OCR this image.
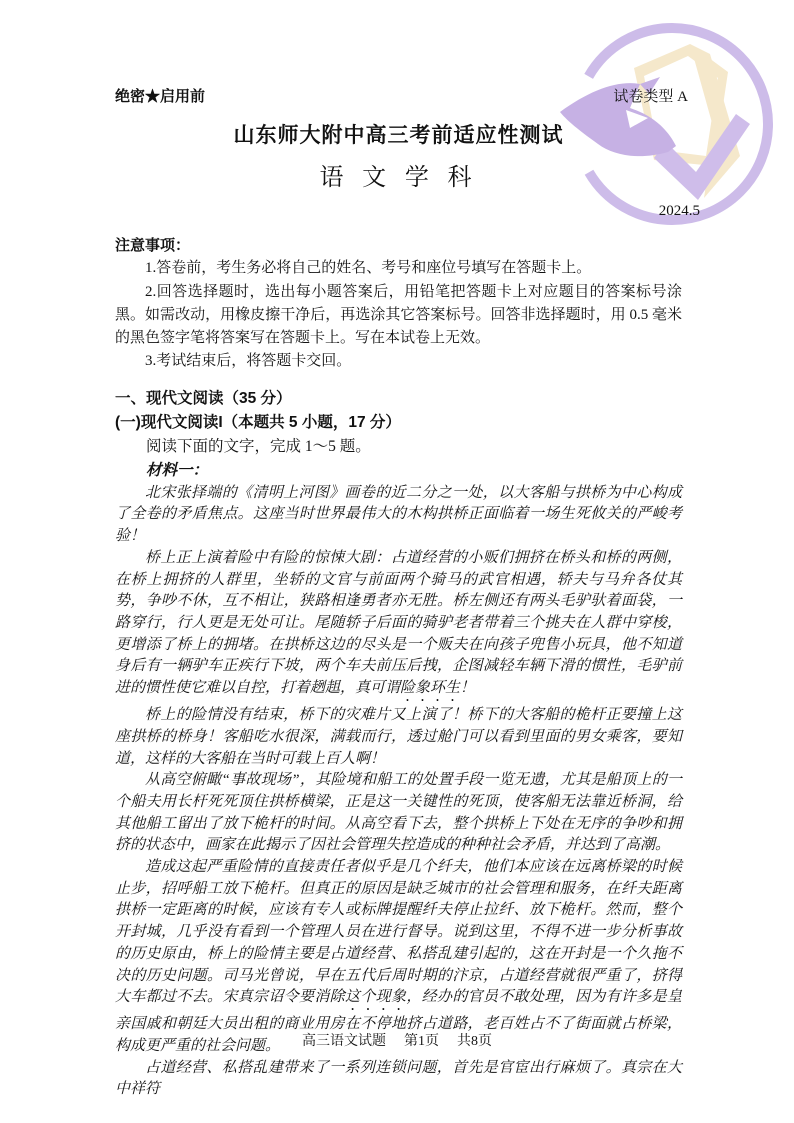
绝密★启用前	试卷类型 A
山东师大附中高三考前适应性测试
语 文 学 科
2024.5
注意事项：

1.答卷前，考生务必将自己的姓名、考号和座位号填写在答题卡上。

2.回答选择题时，选出每小题答案后，用铅笔把答题卡上对应题目的答案标号涂黑。如需改动，用橡皮擦干净后，再选涂其它答案标号。回答非选择题时，用 0.5 毫米的黑色签字笔将答案写在答题卡上。写在本试卷上无效。

3.考试结束后，将答题卡交回。

一、现代文阅读（35 分）
(一)现代文阅读I（本题共 5 小题，17 分）
阅读下面的文字，完成 1～5 题。
材料一：

北宋张择端的《清明上河图》画卷的近二分之一处，以大客船与拱桥为中心构成了全卷的矛盾焦点。这座当时世界最伟大的木构拱桥正面临着一场生死攸关的严峻考验！

桥上正上演着险中有险的惊悚大剧：占道经营的小贩们拥挤在桥头和桥的两侧，在桥上拥挤的人群里，坐轿的文官与前面两个骑马的武官相遇，轿夫与马弁各仗其势，争吵不休，互不相让，狭路相逢勇者亦无胜。桥左侧还有两头毛驴驮着面袋，一路穿行，行人更是无处可让。尾随轿子后面的骑驴老者带着三个挑夫在人群中穿梭，更增添了桥上的拥堵。在拱桥这边的尽头是一个贩夫在向孩子兜售小玩具，他不知道身后有一辆驴车正疾行下坡，两个车夫前压后拽，企图减轻车辆下滑的惯性，毛驴前进的惯性使它难以自控，打着趔趄，真可谓险象环生！

桥上的险情没有结束，桥下的灾难片又上演了！桥下的大客船的桅杆正要撞上这座拱桥的桥身！客船吃水很深，满载而行，透过舱门可以看到里面的男女乘客，要知道，这样的大客船在当时可载上百人啊！

从高空俯瞰“事故现场”，其险境和船工的处置手段一览无遗，尤其是船顶上的一个船夫用长杆死死顶住拱桥横梁，正是这一关键性的死顶，使客船无法靠近桥洞，给其他船工留出了放下桅杆的时间。从高空看下去，整个拱桥上下处在无序的争吵和拥挤的状态中，画家在此揭示了因社会管理失控造成的种种社会矛盾，并达到了高潮。

造成这起严重险情的直接责任者似乎是几个纤夫，他们本应该在远离桥梁的时候止步，招呼船工放下桅杆。但真正的原因是缺乏城市的社会管理和服务，在纤夫距离拱桥一定距离的时候，应该有专人或标牌提醒纤夫停止拉纤、放下桅杆。然而，整个开封城，几乎没有看到一个管理人员在进行督导。说到这里，不得不进一步分析事故的历史原由，桥上的险情主要是占道经营、私搭乱建引起的，这在开封是一个久拖不决的历史问题。司马光曾说，早在五代后周时期的汴京，占道经营就很严重了，挤得大车都过不去。宋真宗诏令要消除这个现象，经办的官员不敢处理，因为有许多是皇亲国戚和朝廷大员出租的商业用房在不停地挤占道路，老百姓占不了街面就占桥梁，构成更严重的社会问题。

占道经营、私搭乱建带来了一系列连锁问题，首先是官宦出行麻烦了。真宗在大中祥符

高三语文试题 第1页 共8页
